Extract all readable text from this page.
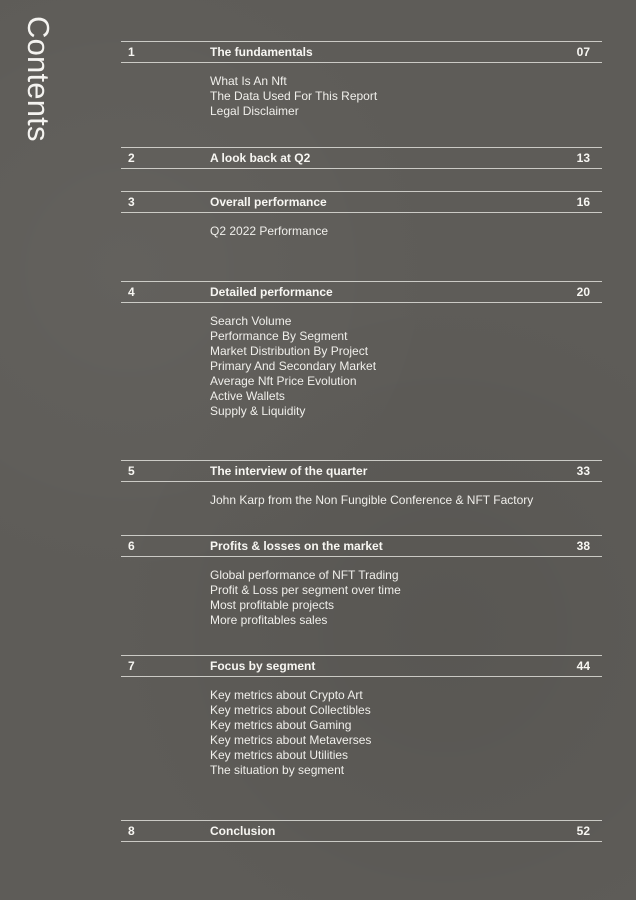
Contents	1	The fundamentals	07
What Is An Nft
The Data Used For This Report
Legal Disclaimer
2	A look back at Q2	13
3	Overall performance	16
Q2 2022 Performance
4	Detailed performance	20
Search Volume
Performance By Segment
Market Distribution By Project
Primary And Secondary Market
Average Nft Price Evolution
Active Wallets
Supply & Liquidity
5	The interview of the quarter	33
John Karp from the Non Fungible Conference & NFT Factory
6	Profits & losses on the market	38
Global performance of NFT Trading
Profit & Loss per segment over time
Most profitable projects
More profitables sales
7	Focus by segment	44
Key metrics about Crypto Art
Key metrics about Collectibles
Key metrics about Gaming
Key metrics about Metaverses
Key metrics about Utilities
The situation by segment
8	Conclusion	52
